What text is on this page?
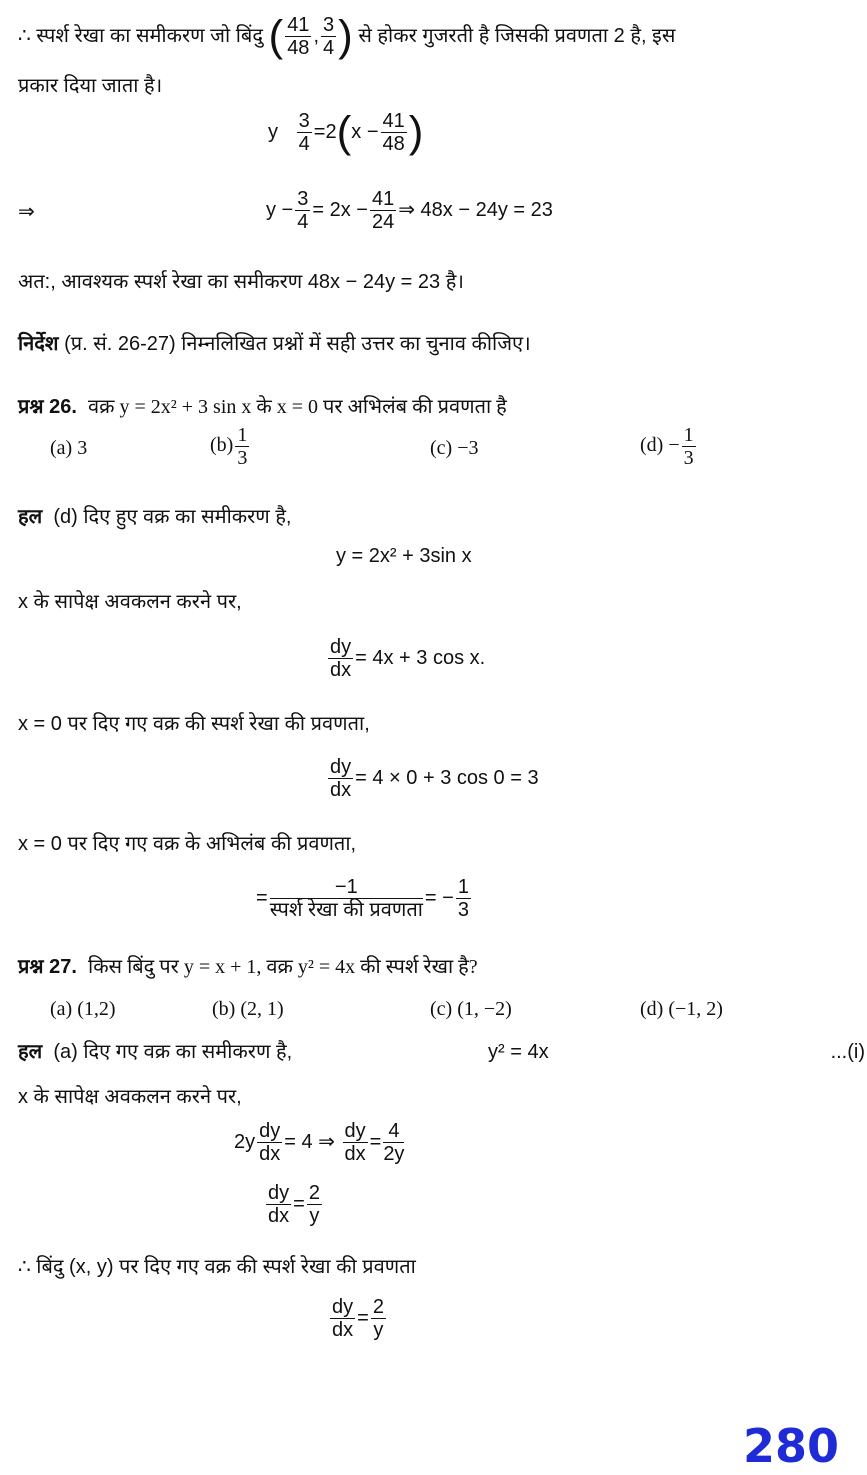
∴ स्पर्श रेखा का समीकरण जो बिंदु ( $\frac{41}{48}$ , $\frac{3}{4}$ ) से होकर गुजरती है जिसकी प्रवणता 2 है, इस
प्रकार दिया जाता है।
y $\frac{3}{4} =2(x - \frac{41}{48}$ )
⇒	$y - \frac{3}{4} = 2x - \frac{41}{24}$ ⇒ 48x − 24y = 23
अत:, आवश्यक स्पर्श रेखा का समीकरण 48x − 24y = 23 है।
निर्देश (प्र. सं. 26-27) निम्नलिखित प्रश्नों में सही उत्तर का चुनाव कीजिए।
प्रश्न 26. वक्र y = 2x² + 3 sin x के x = 0 पर अभिलंब की प्रवणता है
(a) 3	$(b) \frac{1}{3}$	(c) −3	$(d) - \frac{1}{3}$
हल (d) दिए हुए वक्र का समीकरण है,
y = 2x² + 3sin x
x के सापेक्ष अवकलन करने पर,
$\frac{dy}{dx} = 4x + 3$ cos x.
x = 0 पर दिए गए वक्र की स्पर्श रेखा की प्रवणता,
$\frac{dy}{dx} = 4 \times 0 + 3$ cos 0 = 3
x = 0 पर दिए गए वक्र के अभिलंब की प्रवणता,
= $\frac{-1}{\text{स्पर्श रेखा की प्रवणता}}$ = − $\frac{1}{3}$
प्रश्न 27. किस बिंदु पर y = x + 1, वक्र y² = 4x की स्पर्श रेखा है?
(a) (1,2)	(b) (2, 1)	(c) (1, −2)	(d) (−1, 2)
हल (a) दिए गए वक्र का समीकरण है,	y² = 4x	...(i)
x के सापेक्ष अवकलन करने पर,
$2y \frac{dy}{dx} = 4$ ⇒ $\frac{dy}{dx} = \frac{4}{2y}$
$\frac{dy}{dx} = \frac{2}{y}$
∴ बिंदु (x, y) पर दिए गए वक्र की स्पर्श रेखा की प्रवणता
$\frac{dy}{dx} = \frac{2}{y}$
280
